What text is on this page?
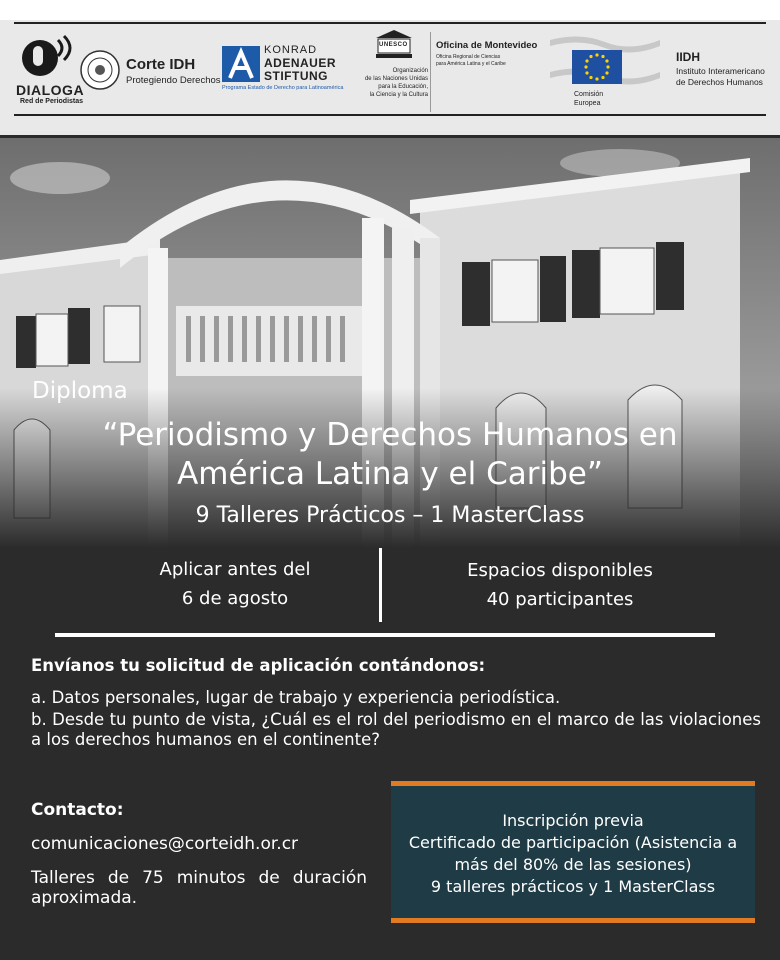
DIALOGA
Red de Periodistas
Corte IDH
Protegiendo Derechos
KONRAD
ADENAUER
STIFTUNG
Programa Estado de Derecho para Latinoamérica
UNESCO
Organización
de las Naciones Unidas
para la Educación,
la Ciencia y la Cultura
Oficina de Montevideo
Oficina Regional de Ciencias
para América Latina y el Caribe
Comisión
Europea
IIDH
Instituto Interamericano
de Derechos Humanos
Diploma
“Periodismo y Derechos Humanos en
América Latina y el Caribe”
9 Talleres Prácticos – 1 MasterClass
Aplicar antes del
6 de agosto
Espacios disponibles
40 participantes
Envíanos tu solicitud de aplicación contándonos:
a. Datos personales, lugar de trabajo y experiencia periodística.
b. Desde tu punto de vista, ¿Cuál es el rol del periodismo en el marco de las violaciones a los derechos humanos en el continente?
Contacto:
comunicaciones@corteidh.or.cr
Talleres de 75 minutos de duración aproximada.
Inscripción previa
Certificado de participación (Asistencia a más del 80% de las sesiones)
9 talleres prácticos y 1 MasterClass
